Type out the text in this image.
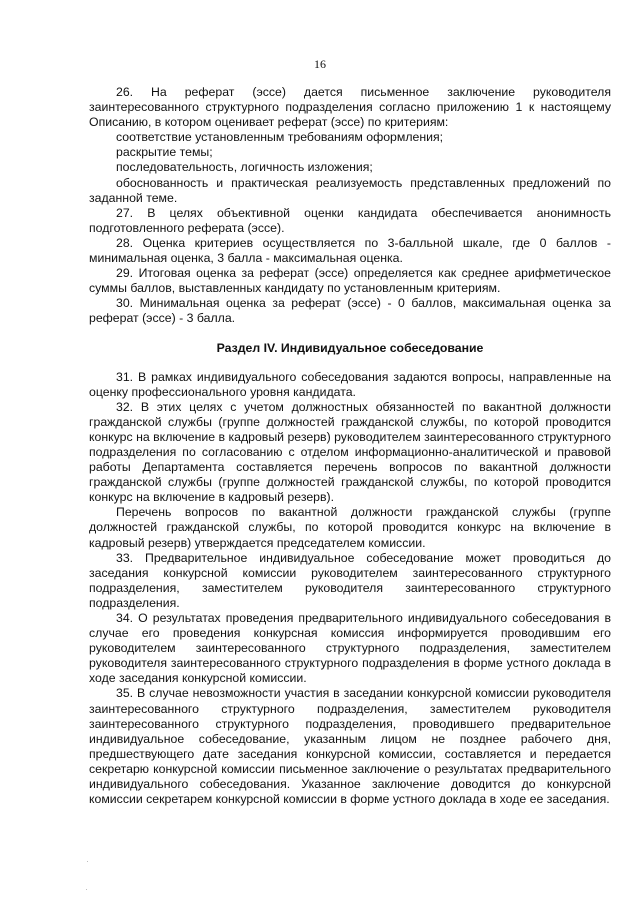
16

26. На реферат (эссе) дается письменное заключение руководителя заинтересованного структурного подразделения согласно приложению 1 к настоящему Описанию, в котором оценивает реферат (эссе) по критериям:

соответствие установленным требованиям оформления;

раскрытие темы;

последовательность, логичность изложения;

обоснованность и практическая реализуемость представленных предложений по заданной теме.

27. В целях объективной оценки кандидата обеспечивается анонимность подготовленного реферата (эссе).

28. Оценка критериев осуществляется по 3-балльной шкале, где 0 баллов - минимальная оценка, 3 балла - максимальная оценка.

29. Итоговая оценка за реферат (эссе) определяется как среднее арифметическое суммы баллов, выставленных кандидату по установленным критериям.

30. Минимальная оценка за реферат (эссе) - 0 баллов, максимальная оценка за реферат (эссе) - 3 балла.

Раздел IV. Индивидуальное собеседование

31. В рамках индивидуального собеседования задаются вопросы, направленные на оценку профессионального уровня кандидата.

32. В этих целях с учетом должностных обязанностей по вакантной должности гражданской службы (группе должностей гражданской службы, по которой проводится конкурс на включение в кадровый резерв) руководителем заинтересованного структурного подразделения по согласованию с отделом информационно-аналитической и правовой работы Департамента составляется перечень вопросов по вакантной должности гражданской службы (группе должностей гражданской службы, по которой проводится конкурс на включение в кадровый резерв).

Перечень вопросов по вакантной должности гражданской службы (группе должностей гражданской службы, по которой проводится конкурс на включение в кадровый резерв) утверждается председателем комиссии.

33. Предварительное индивидуальное собеседование может проводиться до заседания конкурсной комиссии руководителем заинтересованного структурного подразделения, заместителем руководителя заинтересованного структурного подразделения.

34. О результатах проведения предварительного индивидуального собеседования в случае его проведения конкурсная комиссия информируется проводившим его руководителем заинтересованного структурного подразделения, заместителем руководителя заинтересованного структурного подразделения в форме устного доклада в ходе заседания конкурсной комиссии.

35. В случае невозможности участия в заседании конкурсной комиссии руководителя заинтересованного структурного подразделения, заместителем руководителя заинтересованного структурного подразделения, проводившего предварительное индивидуальное собеседование, указанным лицом не позднее рабочего дня, предшествующего дате заседания конкурсной комиссии, составляется и передается секретарю конкурсной комиссии письменное заключение о результатах предварительного индивидуального собеседования. Указанное заключение доводится до конкурсной комиссии секретарем конкурсной комиссии в форме устного доклада в ходе ее заседания.
